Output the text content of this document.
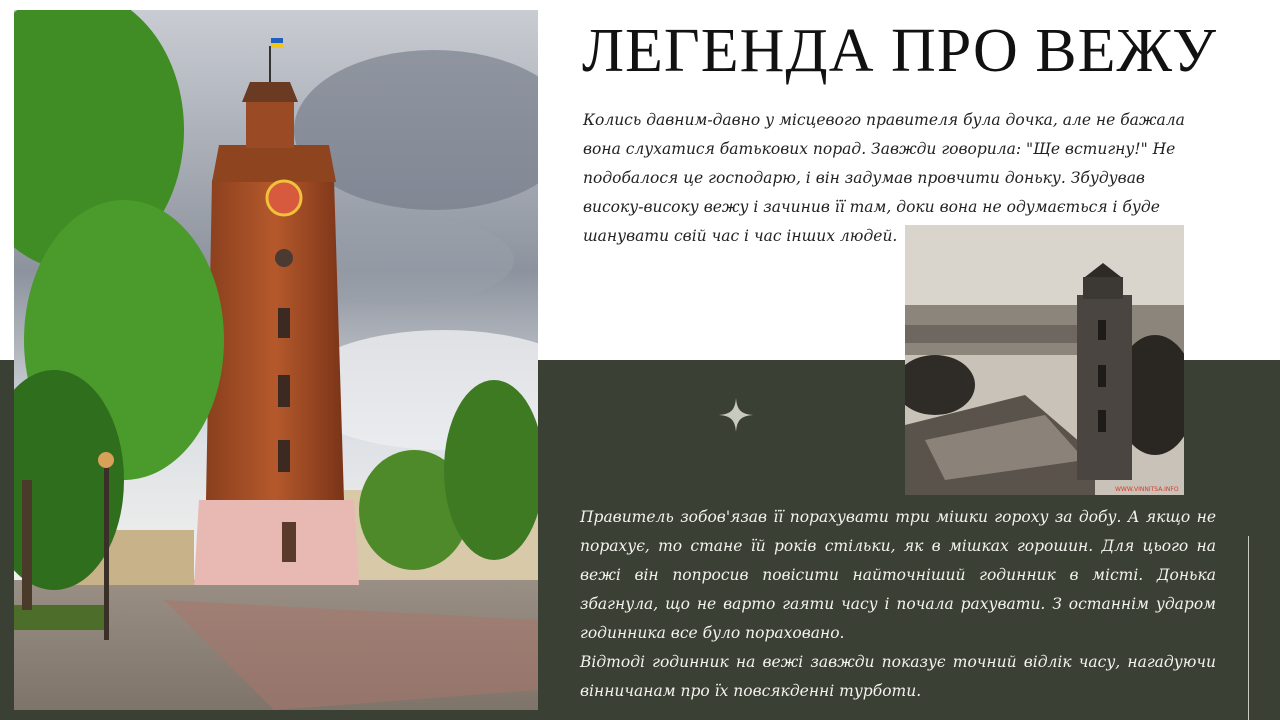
ЛЕГЕНДА ПРО ВЕЖУ
Колись давним-давно у місцевого правителя була дочка, але не бажала вона слухатися батькових порад. Завжди говорила: "Ще встигну!" Не подобалося це господарю, і він задумав провчити доньку. Збудував високу-високу вежу і зачинив її там, доки вона не одумається і буде шанувати свій час і час інших людей.
WWW.VINNITSA.INFO

Правитель зобов'язав її порахувати три мішки гороху за добу. А якщо не порахує, то стане їй років стільки, як в мішках горошин. Для цього на вежі він попросив повісити найточніший годинник в місті. Донька збагнула, що не варто гаяти часу і почала рахувати. З останнім ударом годинника все було пораховано.

Відтоді годинник на вежі завжди показує точний відлік часу, нагадуючи вінничанам про їх повсякденні турботи.
